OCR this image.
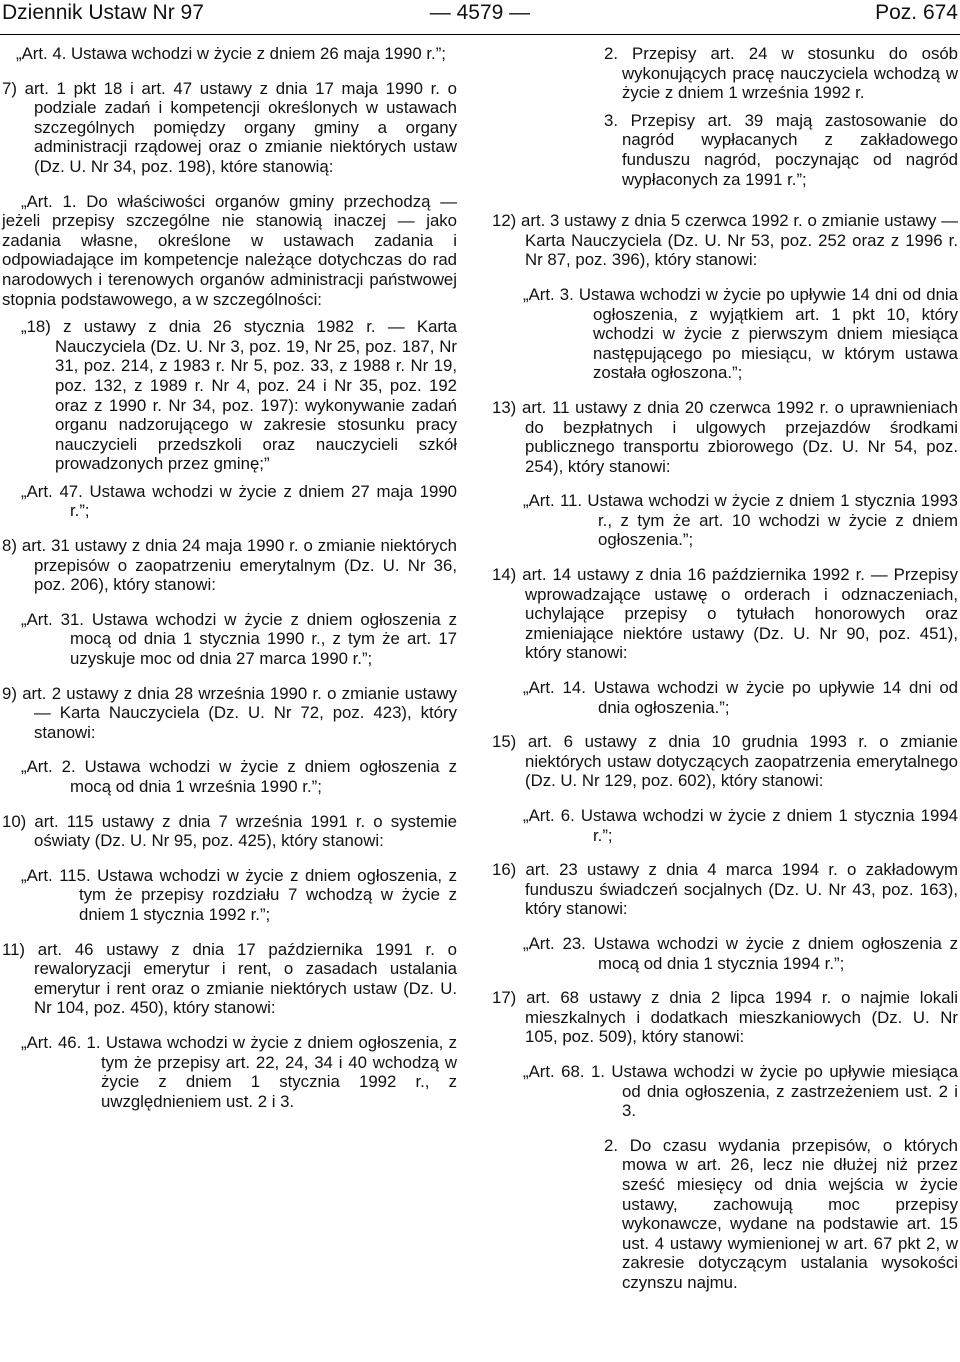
Dziennik Ustaw Nr 97	— 4579 —	Poz. 674

„Art. 4. Ustawa wchodzi w życie z dniem 26 maja 1990 r.”;

7) art. 1 pkt 18 i art. 47 ustawy z dnia 17 maja 1990 r. o podziale zadań i kompetencji określonych w ustawach szczególnych pomiędzy organy gminy a organy administracji rządowej oraz o zmianie niektórych ustaw (Dz. U. Nr 34, poz. 198), które stanowią:

„Art. 1. Do właściwości organów gminy przechodzą — jeżeli przepisy szczególne nie stanowią inaczej — jako zadania własne, określone w ustawach zadania i odpowiadające im kompetencje należące dotychczas do rad narodowych i terenowych organów administracji państwowej stopnia podstawowego, a w szczególności:

„18) z ustawy z dnia 26 stycznia 1982 r. — Karta Nauczyciela (Dz. U. Nr 3, poz. 19, Nr 25, poz. 187, Nr 31, poz. 214, z 1983 r. Nr 5, poz. 33, z 1988 r. Nr 19, poz. 132, z 1989 r. Nr 4, poz. 24 i Nr 35, poz. 192 oraz z 1990 r. Nr 34, poz. 197): wykonywanie zadań organu nadzorującego w zakresie stosunku pracy nauczycieli przedszkoli oraz nauczycieli szkół prowadzonych przez gminę;”

„Art. 47. Ustawa wchodzi w życie z dniem 27 maja 1990 r.”;

8) art. 31 ustawy z dnia 24 maja 1990 r. o zmianie niektórych przepisów o zaopatrzeniu emerytalnym (Dz. U. Nr 36, poz. 206), który stanowi:

„Art. 31. Ustawa wchodzi w życie z dniem ogłoszenia z mocą od dnia 1 stycznia 1990 r., z tym że art. 17 uzyskuje moc od dnia 27 marca 1990 r.”;

9) art. 2 ustawy z dnia 28 września 1990 r. o zmianie ustawy — Karta Nauczyciela (Dz. U. Nr 72, poz. 423), który stanowi:

„Art. 2. Ustawa wchodzi w życie z dniem ogłoszenia z mocą od dnia 1 września 1990 r.”;

10) art. 115 ustawy z dnia 7 września 1991 r. o systemie oświaty (Dz. U. Nr 95, poz. 425), który stanowi:

„Art. 115. Ustawa wchodzi w życie z dniem ogłoszenia, z tym że przepisy rozdziału 7 wchodzą w życie z dniem 1 stycznia 1992 r.”;

11) art. 46 ustawy z dnia 17 października 1991 r. o rewaloryzacji emerytur i rent, o zasadach ustalania emerytur i rent oraz o zmianie niektórych ustaw (Dz. U. Nr 104, poz. 450), który stanowi:

„Art. 46. 1. Ustawa wchodzi w życie z dniem ogłoszenia, z tym że przepisy art. 22, 24, 34 i 40 wchodzą w życie z dniem 1 stycznia 1992 r., z uwzględnieniem ust. 2 i 3.

2. Przepisy art. 24 w stosunku do osób wykonujących pracę nauczyciela wchodzą w życie z dniem 1 września 1992 r.

3. Przepisy art. 39 mają zastosowanie do nagród wypłacanych z zakładowego funduszu nagród, poczynając od nagród wypłaconych za 1991 r.”;

12) art. 3 ustawy z dnia 5 czerwca 1992 r. o zmianie ustawy — Karta Nauczyciela (Dz. U. Nr 53, poz. 252 oraz z 1996 r. Nr 87, poz. 396), który stanowi:

„Art. 3. Ustawa wchodzi w życie po upływie 14 dni od dnia ogłoszenia, z wyjątkiem art. 1 pkt 10, który wchodzi w życie z pierwszym dniem miesiąca następującego po miesiącu, w którym ustawa została ogłoszona.”;

13) art. 11 ustawy z dnia 20 czerwca 1992 r. o uprawnieniach do bezpłatnych i ulgowych przejazdów środkami publicznego transportu zbiorowego (Dz. U. Nr 54, poz. 254), który stanowi:

„Art. 11. Ustawa wchodzi w życie z dniem 1 stycznia 1993 r., z tym że art. 10 wchodzi w życie z dniem ogłoszenia.”;

14) art. 14 ustawy z dnia 16 października 1992 r. — Przepisy wprowadzające ustawę o orderach i odznaczeniach, uchylające przepisy o tytułach honorowych oraz zmieniające niektóre ustawy (Dz. U. Nr 90, poz. 451), który stanowi:

„Art. 14. Ustawa wchodzi w życie po upływie 14 dni od dnia ogłoszenia.”;

15) art. 6 ustawy z dnia 10 grudnia 1993 r. o zmianie niektórych ustaw dotyczących zaopatrzenia emerytalnego (Dz. U. Nr 129, poz. 602), który stanowi:

„Art. 6. Ustawa wchodzi w życie z dniem 1 stycznia 1994 r.”;

16) art. 23 ustawy z dnia 4 marca 1994 r. o zakładowym funduszu świadczeń socjalnych (Dz. U. Nr 43, poz. 163), który stanowi:

„Art. 23. Ustawa wchodzi w życie z dniem ogłoszenia z mocą od dnia 1 stycznia 1994 r.”;

17) art. 68 ustawy z dnia 2 lipca 1994 r. o najmie lokali mieszkalnych i dodatkach mieszkaniowych (Dz. U. Nr 105, poz. 509), który stanowi:

„Art. 68. 1. Ustawa wchodzi w życie po upływie miesiąca od dnia ogłoszenia, z zastrzeżeniem ust. 2 i 3.

2. Do czasu wydania przepisów, o których mowa w art. 26, lecz nie dłużej niż przez sześć miesięcy od dnia wejścia w życie ustawy, zachowują moc przepisy wykonawcze, wydane na podstawie art. 15 ust. 4 ustawy wymienionej w art. 67 pkt 2, w zakresie dotyczącym ustalania wysokości czynszu najmu.
